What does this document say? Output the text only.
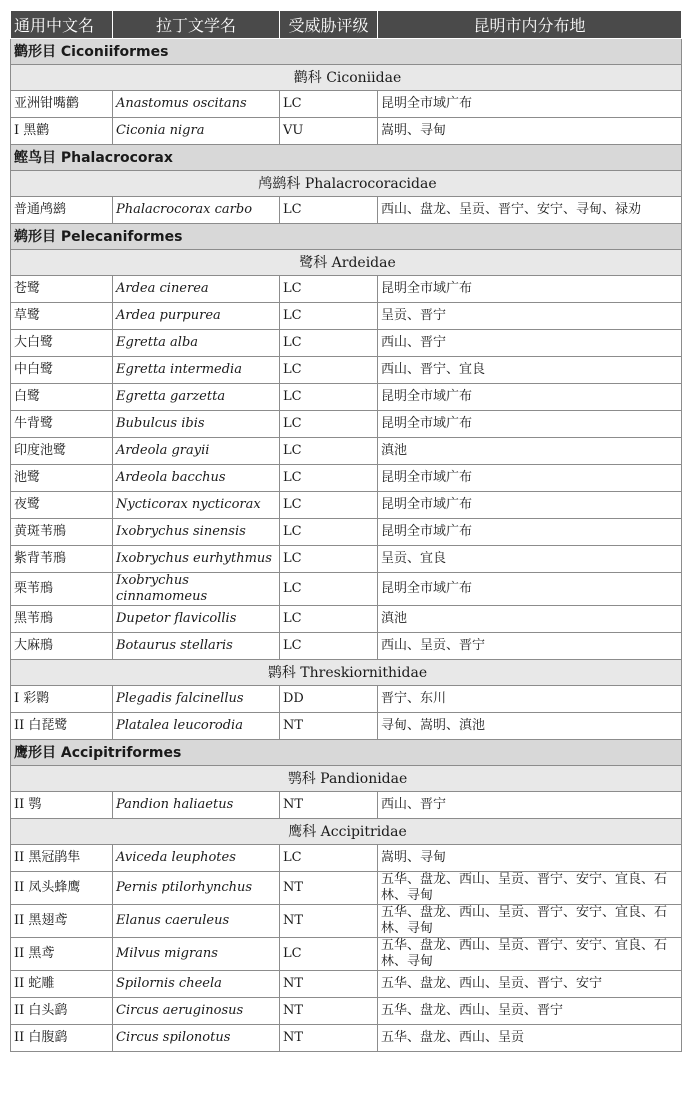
通用中文名	拉丁文学名	受威胁评级	昆明市内分布地
鹳形目 Ciconiiformes			
鹳科 Ciconiidae			
亚洲钳嘴鹳	Anastomus oscitans	LC	昆明全市域广布
I 黑鹳	Ciconia nigra	VU	嵩明、寻甸
鲣鸟目 Phalacrocorax			
鸬鹚科 Phalacrocoracidae			
普通鸬鹚	Phalacrocorax carbo	LC	西山、盘龙、呈贡、晋宁、安宁、寻甸、禄劝
鹈形目 Pelecaniformes			
鹭科 Ardeidae			
苍鹭	Ardea cinerea	LC	昆明全市域广布
草鹭	Ardea purpurea	LC	呈贡、晋宁
大白鹭	Egretta alba	LC	西山、晋宁
中白鹭	Egretta intermedia	LC	西山、晋宁、宜良
白鹭	Egretta garzetta	LC	昆明全市域广布
牛背鹭	Bubulcus ibis	LC	昆明全市域广布
印度池鹭	Ardeola grayii	LC	滇池
池鹭	Ardeola bacchus	LC	昆明全市域广布
夜鹭	Nycticorax nycticorax	LC	昆明全市域广布
黄斑苇鳽	Ixobrychus sinensis	LC	昆明全市域广布
紫背苇鳽	Ixobrychus eurhythmus	LC	呈贡、宜良
栗苇鳽	Ixobrychus cinnamomeus	LC	昆明全市域广布
黑苇鳽	Dupetor flavicollis	LC	滇池
大麻鳽	Botaurus stellaris	LC	西山、呈贡、晋宁
鹮科 Threskiornithidae			
I 彩鹮	Plegadis falcinellus	DD	晋宁、东川
II 白琵鹭	Platalea leucorodia	NT	寻甸、嵩明、滇池
鹰形目 Accipitriformes			
鹗科 Pandionidae			
II 鹗	Pandion haliaetus	NT	西山、晋宁
鹰科 Accipitridae			
II 黑冠鹃隼	Aviceda leuphotes	LC	嵩明、寻甸
II 凤头蜂鹰	Pernis ptilorhynchus	NT	五华、盘龙、西山、呈贡、晋宁、安宁、宜良、石林、寻甸
II 黑翅鸢	Elanus caeruleus	NT	五华、盘龙、西山、呈贡、晋宁、安宁、宜良、石林、寻甸
II 黑鸢	Milvus migrans	LC	五华、盘龙、西山、呈贡、晋宁、安宁、宜良、石林、寻甸
II 蛇雕	Spilornis cheela	NT	五华、盘龙、西山、呈贡、晋宁、安宁
II 白头鹞	Circus aeruginosus	NT	五华、盘龙、西山、呈贡、晋宁
II 白腹鹞	Circus spilonotus	NT	五华、盘龙、西山、呈贡
